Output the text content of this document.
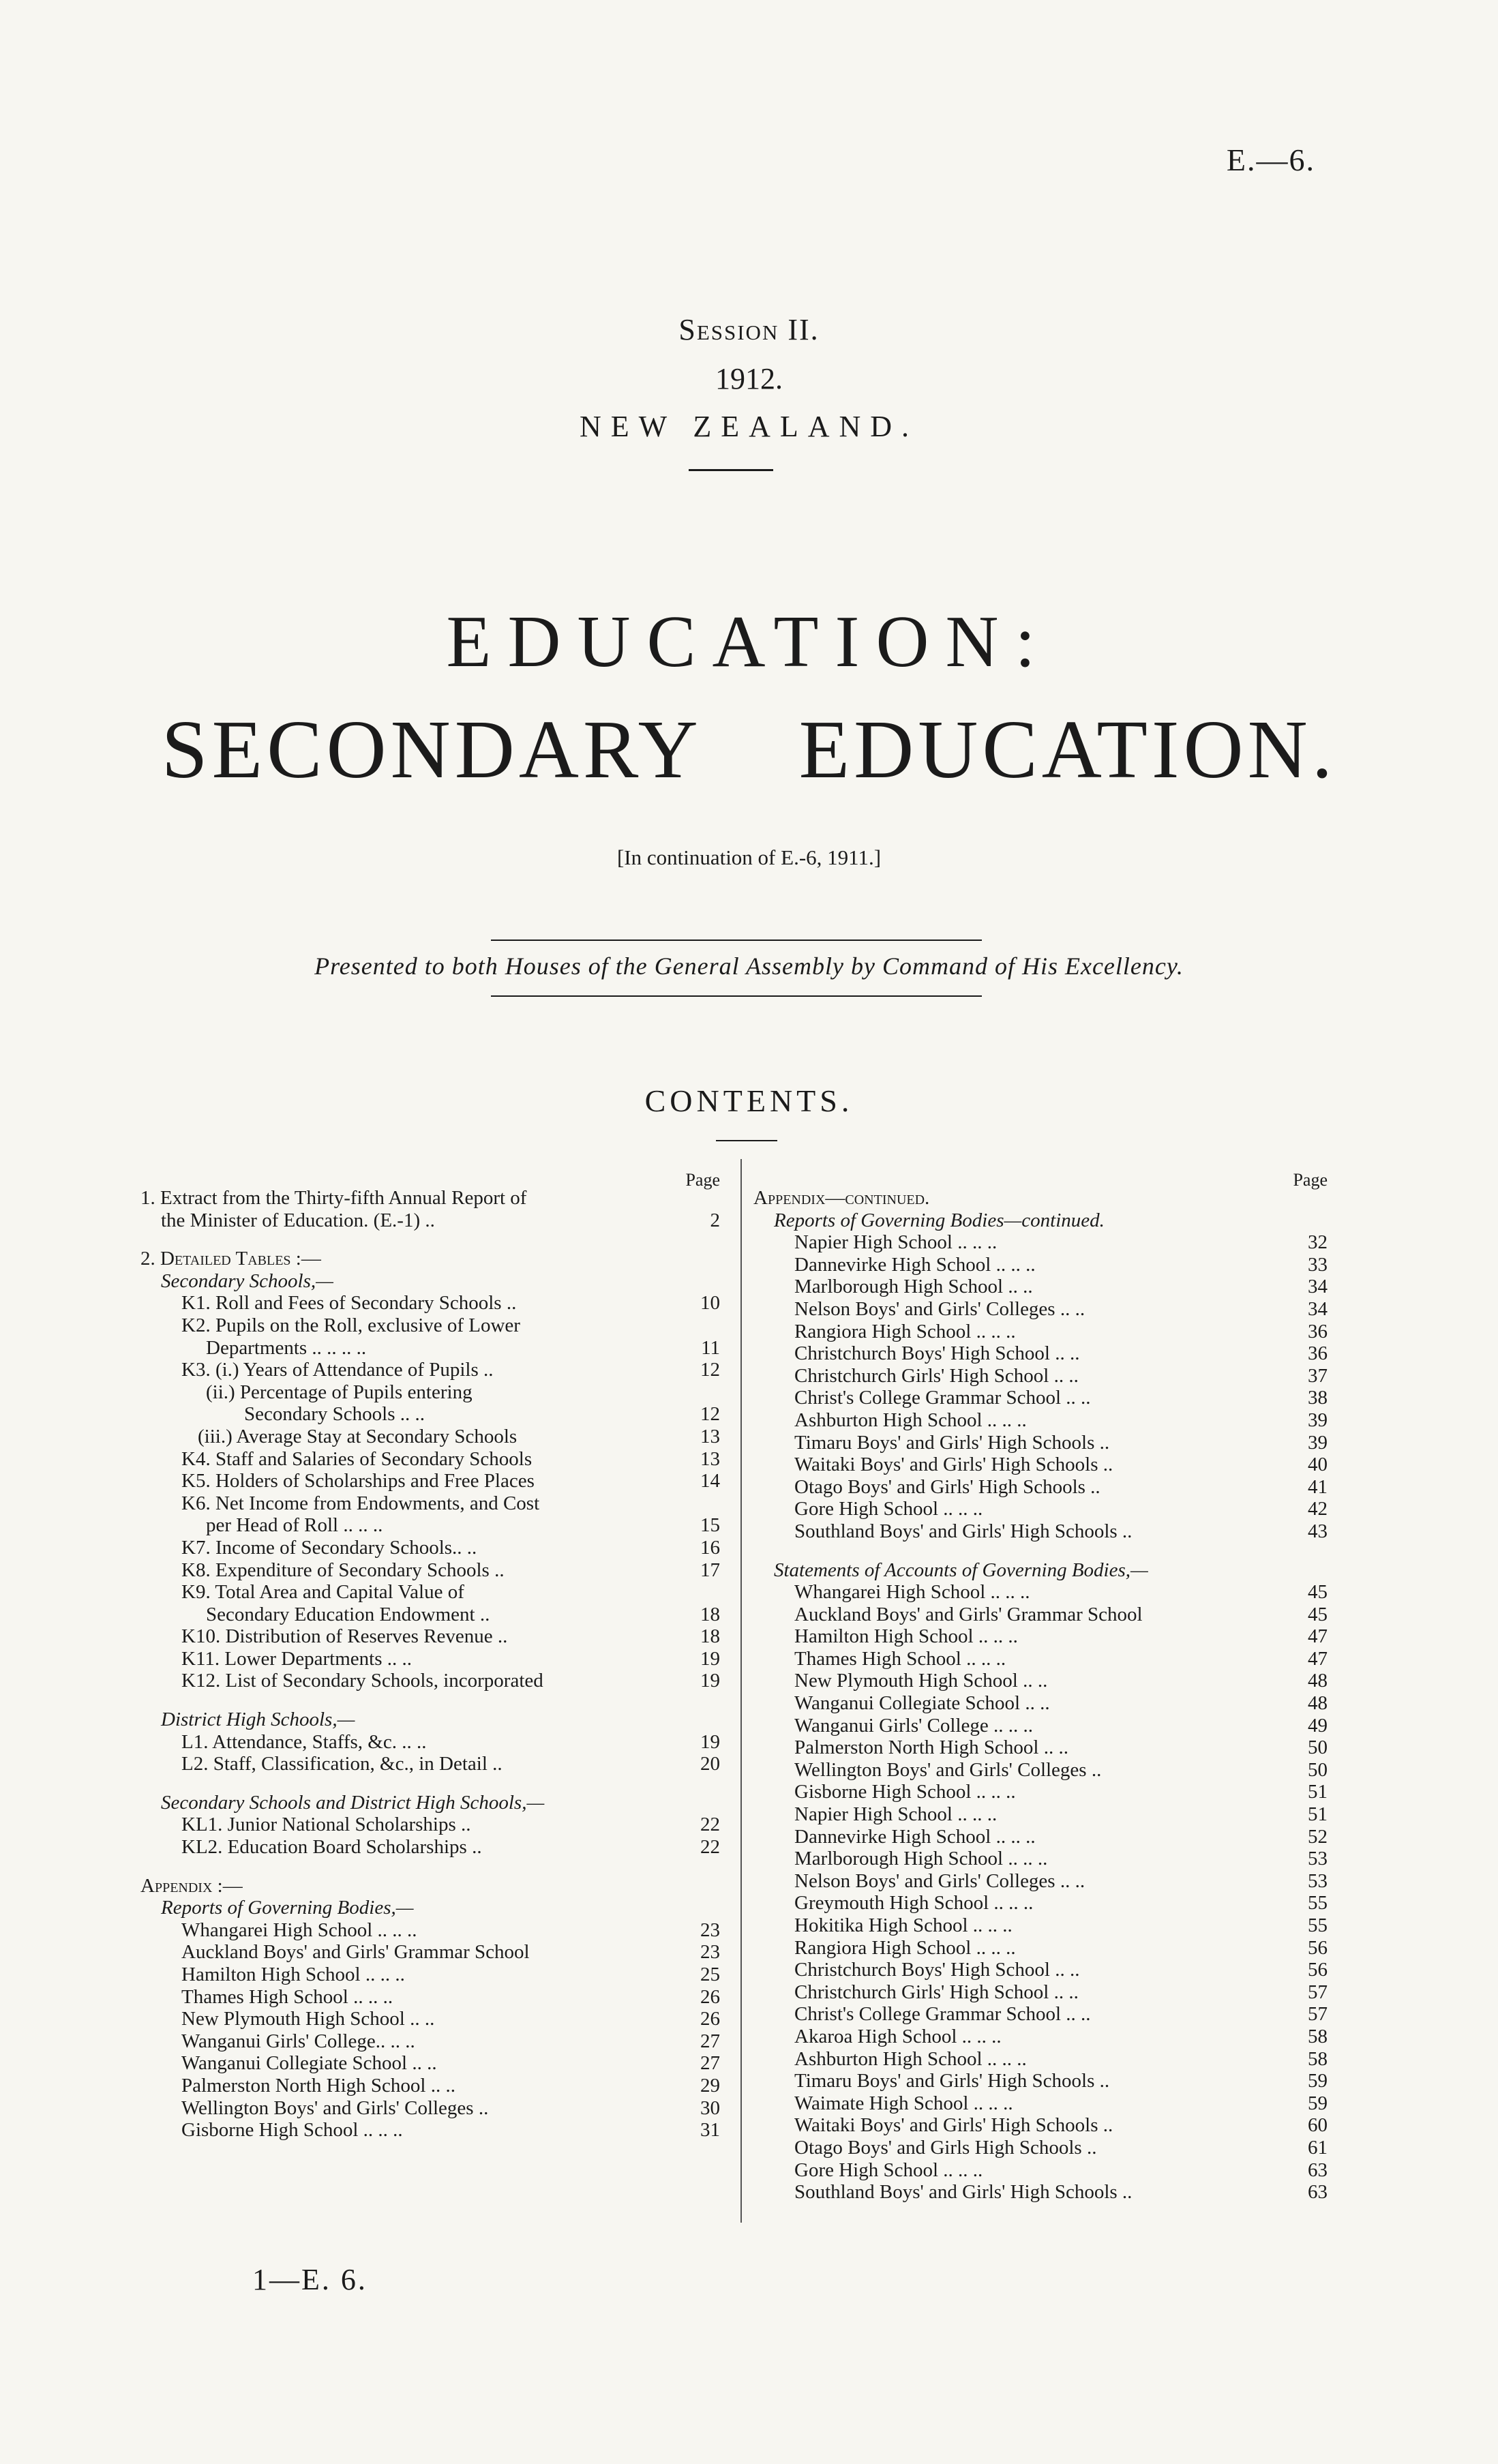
E.—6.
Session II.
1912.
NEW ZEALAND.
EDUCATION:
SECONDARY EDUCATION.
[In continuation of E.-6, 1911.]
Presented to both Houses of the General Assembly by Command of His Excellency.
CONTENTS.
Page
1. Extract from the Thirty-fifth Annual Report of
the Minister of Education. (E.-1) ..	2
2. Detailed Tables :—
Secondary Schools,—
K1. Roll and Fees of Secondary Schools ..	10
K2. Pupils on the Roll, exclusive of Lower
Departments .. .. .. ..	11
K3. (i.) Years of Attendance of Pupils ..	12
(ii.) Percentage of Pupils entering
Secondary Schools .. ..	12
(iii.) Average Stay at Secondary Schools	13
K4. Staff and Salaries of Secondary Schools	13
K5. Holders of Scholarships and Free Places	14
K6. Net Income from Endowments, and Cost
per Head of Roll .. .. ..	15
K7. Income of Secondary Schools.. ..	16
K8. Expenditure of Secondary Schools ..	17
K9. Total Area and Capital Value of
Secondary Education Endowment ..	18
K10. Distribution of Reserves Revenue ..	18
K11. Lower Departments .. ..	19
K12. List of Secondary Schools, incorporated	19
District High Schools,—
L1. Attendance, Staffs, &c. .. ..	19
L2. Staff, Classification, &c., in Detail ..	20
Secondary Schools and District High Schools,—
KL1. Junior National Scholarships ..	22
KL2. Education Board Scholarships ..	22
Appendix :—
Reports of Governing Bodies,—
Whangarei High School .. .. ..	23
Auckland Boys' and Girls' Grammar School	23
Hamilton High School .. .. ..	25
Thames High School .. .. ..	26
New Plymouth High School .. ..	26
Wanganui Girls' College.. .. ..	27
Wanganui Collegiate School .. ..	27
Palmerston North High School .. ..	29
Wellington Boys' and Girls' Colleges ..	30
Gisborne High School .. .. ..	31
Page
Appendix—continued.
Reports of Governing Bodies—continued.
Napier High School .. .. ..	32
Dannevirke High School .. .. ..	33
Marlborough High School .. ..	34
Nelson Boys' and Girls' Colleges .. ..	34
Rangiora High School .. .. ..	36
Christchurch Boys' High School .. ..	36
Christchurch Girls' High School .. ..	37
Christ's College Grammar School .. ..	38
Ashburton High School .. .. ..	39
Timaru Boys' and Girls' High Schools ..	39
Waitaki Boys' and Girls' High Schools ..	40
Otago Boys' and Girls' High Schools ..	41
Gore High School .. .. ..	42
Southland Boys' and Girls' High Schools ..	43
Statements of Accounts of Governing Bodies,—
Whangarei High School .. .. ..	45
Auckland Boys' and Girls' Grammar School	45
Hamilton High School .. .. ..	47
Thames High School .. .. ..	47
New Plymouth High School .. ..	48
Wanganui Collegiate School .. ..	48
Wanganui Girls' College .. .. ..	49
Palmerston North High School .. ..	50
Wellington Boys' and Girls' Colleges ..	50
Gisborne High School .. .. ..	51
Napier High School .. .. ..	51
Dannevirke High School .. .. ..	52
Marlborough High School .. .. ..	53
Nelson Boys' and Girls' Colleges .. ..	53
Greymouth High School .. .. ..	55
Hokitika High School .. .. ..	55
Rangiora High School .. .. ..	56
Christchurch Boys' High School .. ..	56
Christchurch Girls' High School .. ..	57
Christ's College Grammar School .. ..	57
Akaroa High School .. .. ..	58
Ashburton High School .. .. ..	58
Timaru Boys' and Girls' High Schools ..	59
Waimate High School .. .. ..	59
Waitaki Boys' and Girls' High Schools ..	60
Otago Boys' and Girls High Schools ..	61
Gore High School .. .. ..	63
Southland Boys' and Girls' High Schools ..	63
1—E. 6.
